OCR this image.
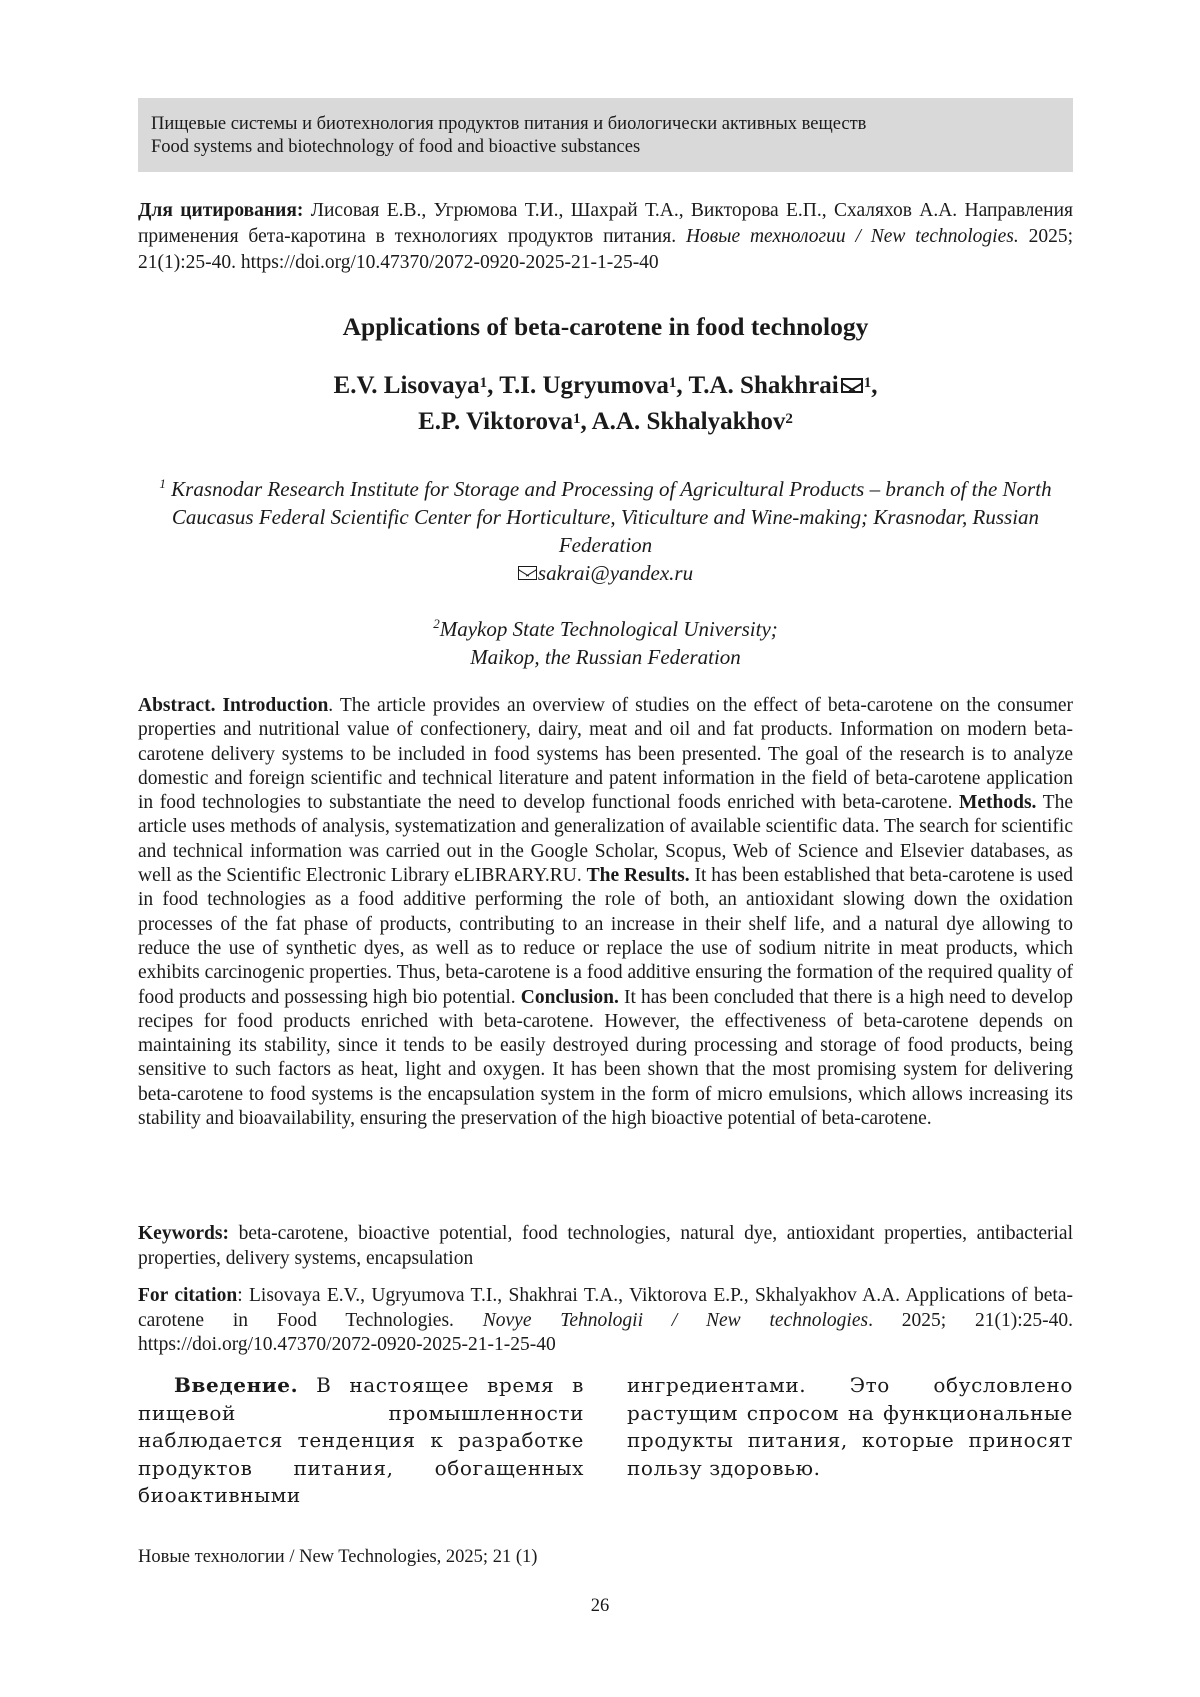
Пищевые системы и биотехнология продуктов питания и биологически активных веществ
Food systems and biotechnology of food and bioactive substances
Для цитирования: Лисовая Е.В., Угрюмова Т.И., Шахрай Т.А., Викторова Е.П., Схаляхов А.А. Направления применения бета-каротина в технологиях продуктов питания. Новые технологии / New technologies. 2025; 21(1):25-40. https://doi.org/10.47370/2072-0920-2025-21-1-25-40
Applications of beta-carotene in food technology
E.V. Lisovaya$^1$, T.I. Ugryumova$^1$, T.A. Shakhrai $^1$,
E.P. Viktorova$^1$, A.A. Skhalyakhov$^2$
$^1$ Krasnodar Research Institute for Storage and Processing of Agricultural Products – branch of the North Caucasus Federal Scientific Center for Horticulture, Viticulture and Wine-making; Krasnodar, Russian Federation
sakrai@yandex.ru
$^2$Maykop State Technological University;
Maikop, the Russian Federation
Abstract. Introduction. The article provides an overview of studies on the effect of beta-carotene on the consumer properties and nutritional value of confectionery, dairy, meat and oil and fat products. Information on modern beta-carotene delivery systems to be included in food systems has been presented. The goal of the research is to analyze domestic and foreign scientific and technical literature and patent information in the field of beta-carotene application in food technologies to substantiate the need to develop functional foods enriched with beta-carotene. Methods. The article uses methods of analysis, systematization and generalization of available scientific data. The search for scientific and technical information was carried out in the Google Scholar, Scopus, Web of Science and Elsevier databases, as well as the Scientific Electronic Library eLIBRARY.RU. The Results. It has been established that beta-carotene is used in food technologies as a food additive performing the role of both, an antioxidant slowing down the oxidation processes of the fat phase of products, contributing to an increase in their shelf life, and a natural dye allowing to reduce the use of synthetic dyes, as well as to reduce or replace the use of sodium nitrite in meat products, which exhibits carcinogenic properties. Thus, beta-carotene is a food additive ensuring the formation of the required quality of food products and possessing high bio potential. Conclusion. It has been concluded that there is a high need to develop recipes for food products enriched with beta-carotene. However, the effectiveness of beta-carotene depends on maintaining its stability, since it tends to be easily destroyed during processing and storage of food products, being sensitive to such factors as heat, light and oxygen. It has been shown that the most promising system for delivering beta-carotene to food systems is the encapsulation system in the form of micro emulsions, which allows increasing its stability and bioavailability, ensuring the preservation of the high bioactive potential of beta-carotene.
Keywords: beta-carotene, bioactive potential, food technologies, natural dye, antioxidant properties, antibacterial properties, delivery systems, encapsulation
For citation: Lisovaya E.V., Ugryumova T.I., Shakhrai T.A., Viktorova E.P., Skhalyakhov A.A. Applications of beta-carotene in Food Technologies. Novye Tehnologii / New technologies. 2025; 21(1):25-40. https://doi.org/10.47370/2072-0920-2025-21-1-25-40
Введение. В настоящее время в пищевой промышленности наблюдается тенденция к разработке продуктов питания, обогащенных биоактивными
ингредиентами. Это обусловлено растущим спросом на функциональные продукты питания, которые приносят пользу здоровью.
Новые технологии / New Technologies, 2025; 21 (1)
26
